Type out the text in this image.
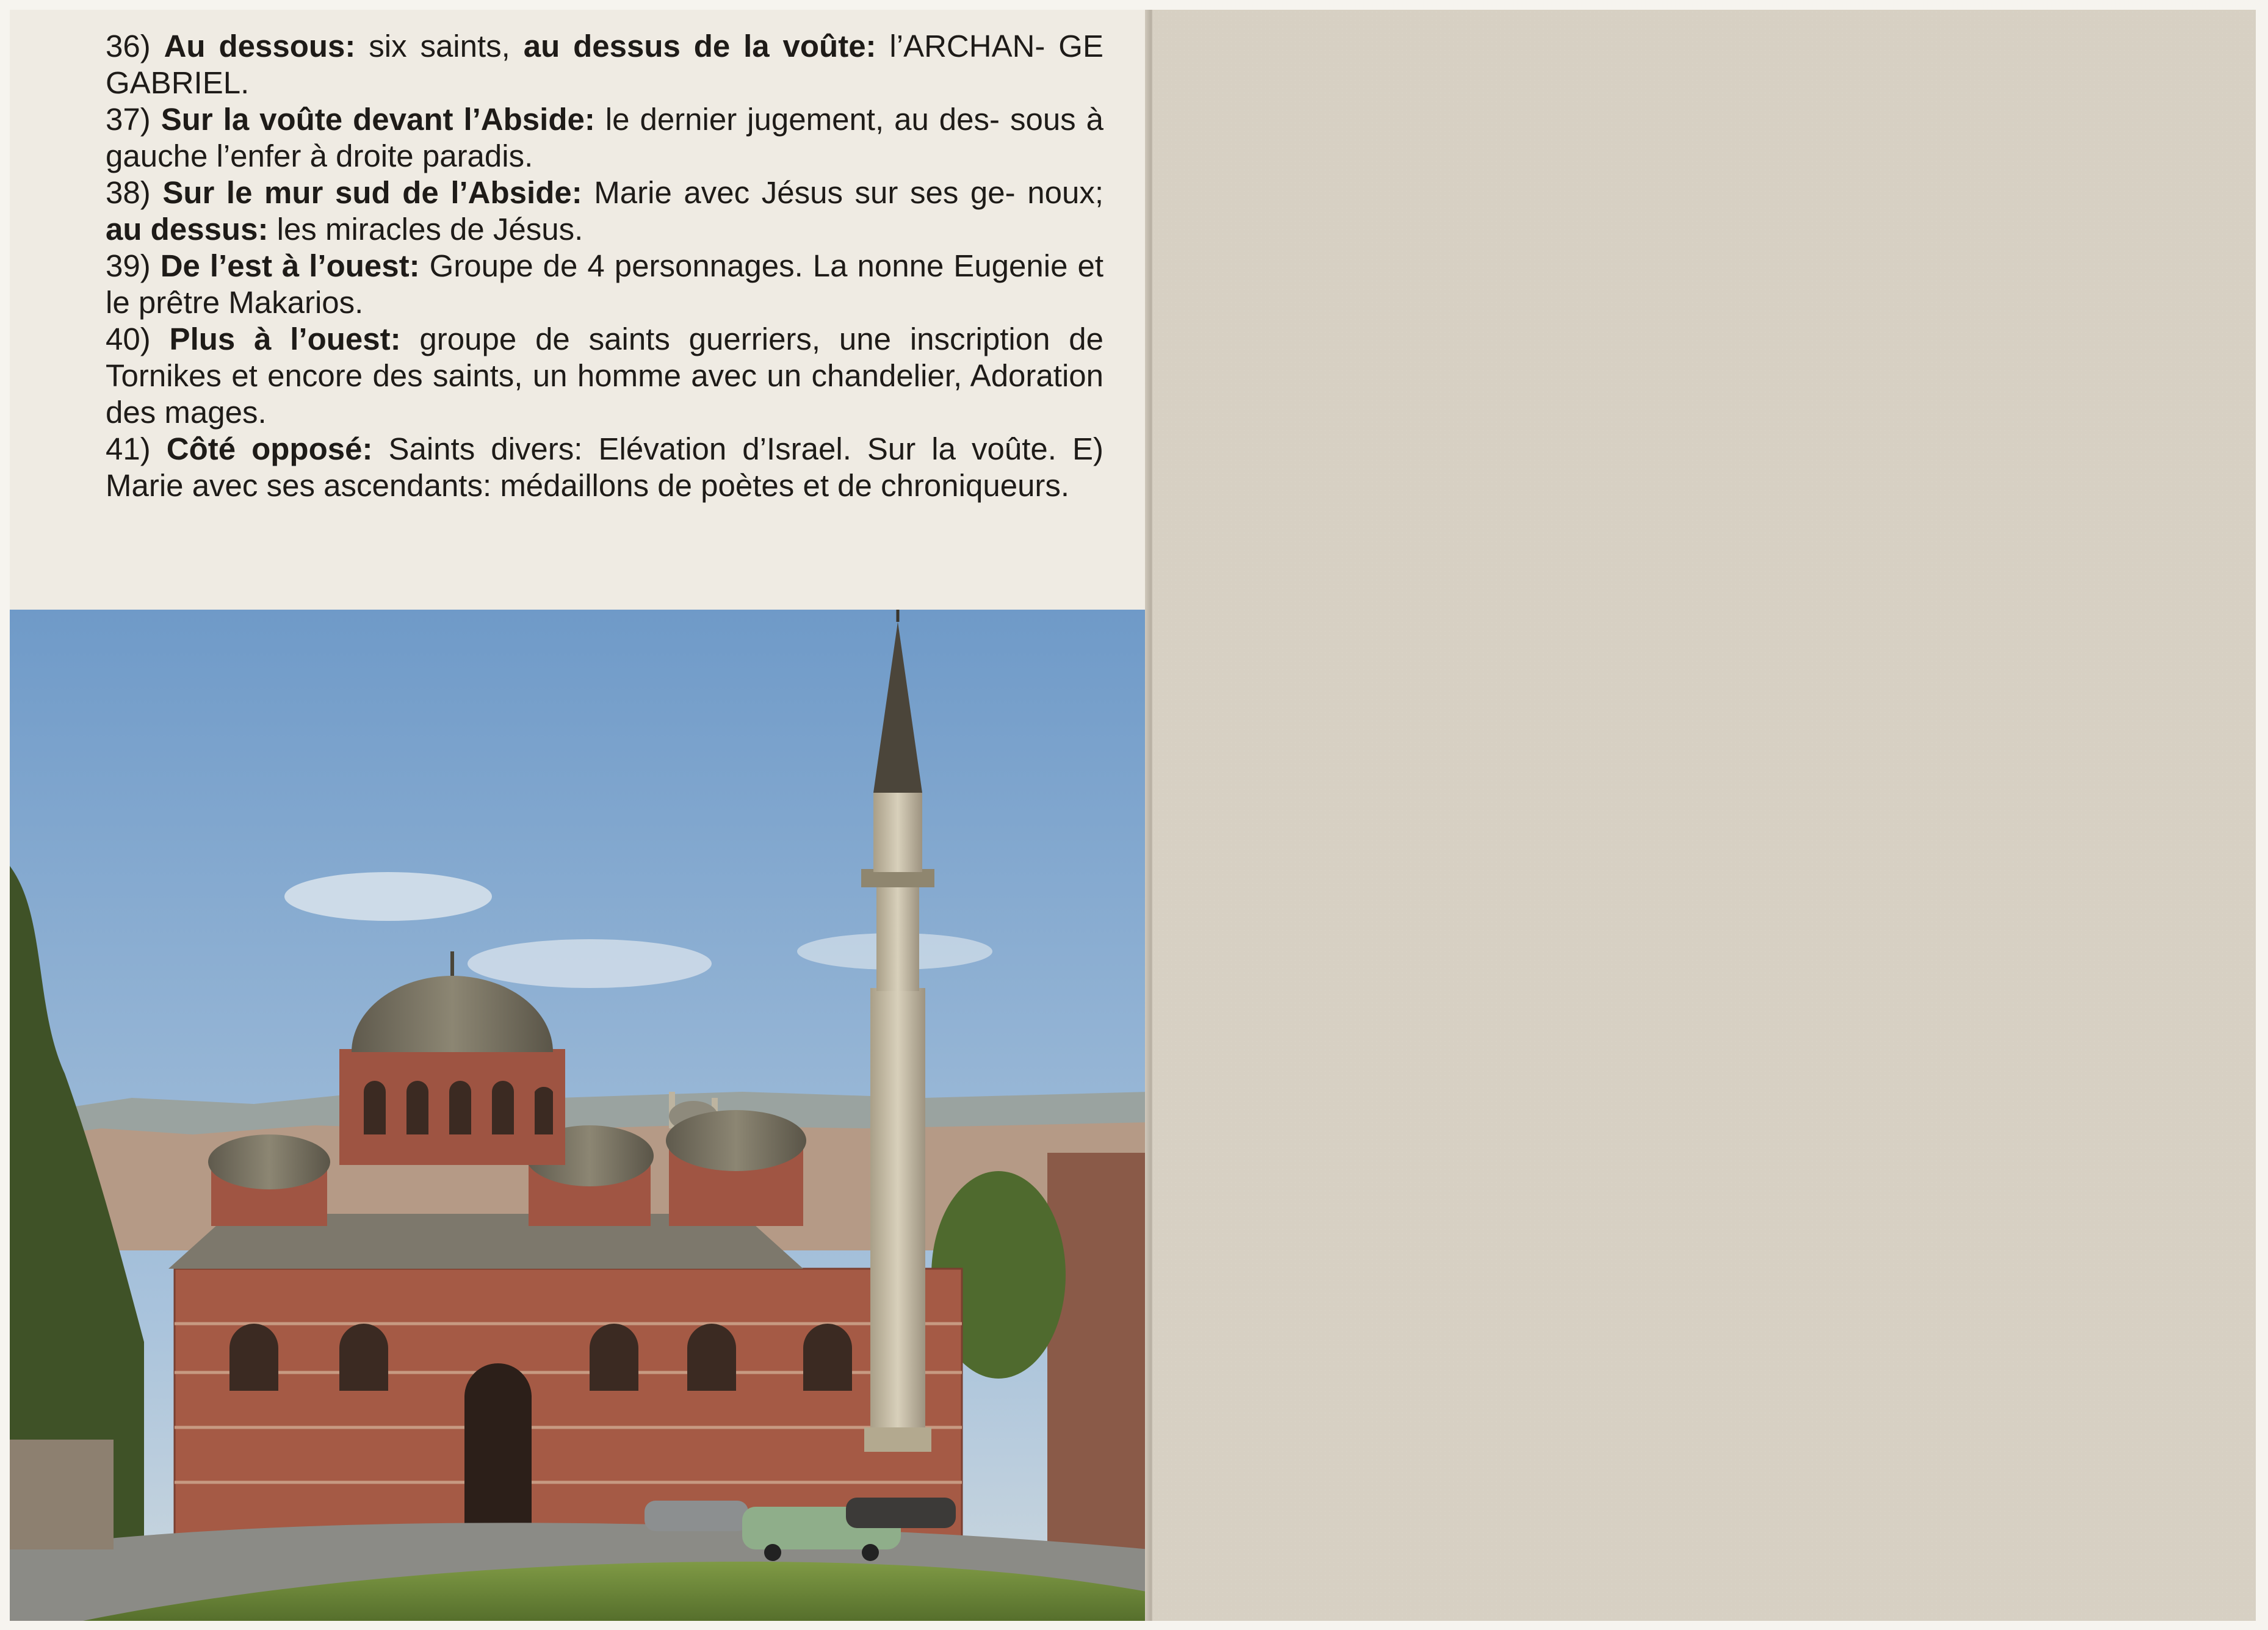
36) Au dessous: six saints, au dessus de la voûte: l’ARCHAN- GE GABRIEL.

37) Sur la voûte devant l’Abside: le dernier jugement, au des- sous à gauche l’enfer à droite paradis.

38) Sur le mur sud de l’Abside: Marie avec Jésus sur ses ge- noux; au dessus: les miracles de Jésus.

39) De l’est à l’ouest: Groupe de 4 personnages. La nonne Eugenie et le prêtre Makarios.

40) Plus à l’ouest: groupe de saints guerriers, une inscription de Tornikes et encore des saints, un homme avec un chandelier, Adoration des mages.

41) Côté opposé: Saints divers: Elévation d’Israel. Sur la voûte. E) Marie avec ses ascendants: médaillons de poètes et de chroniqueurs.
